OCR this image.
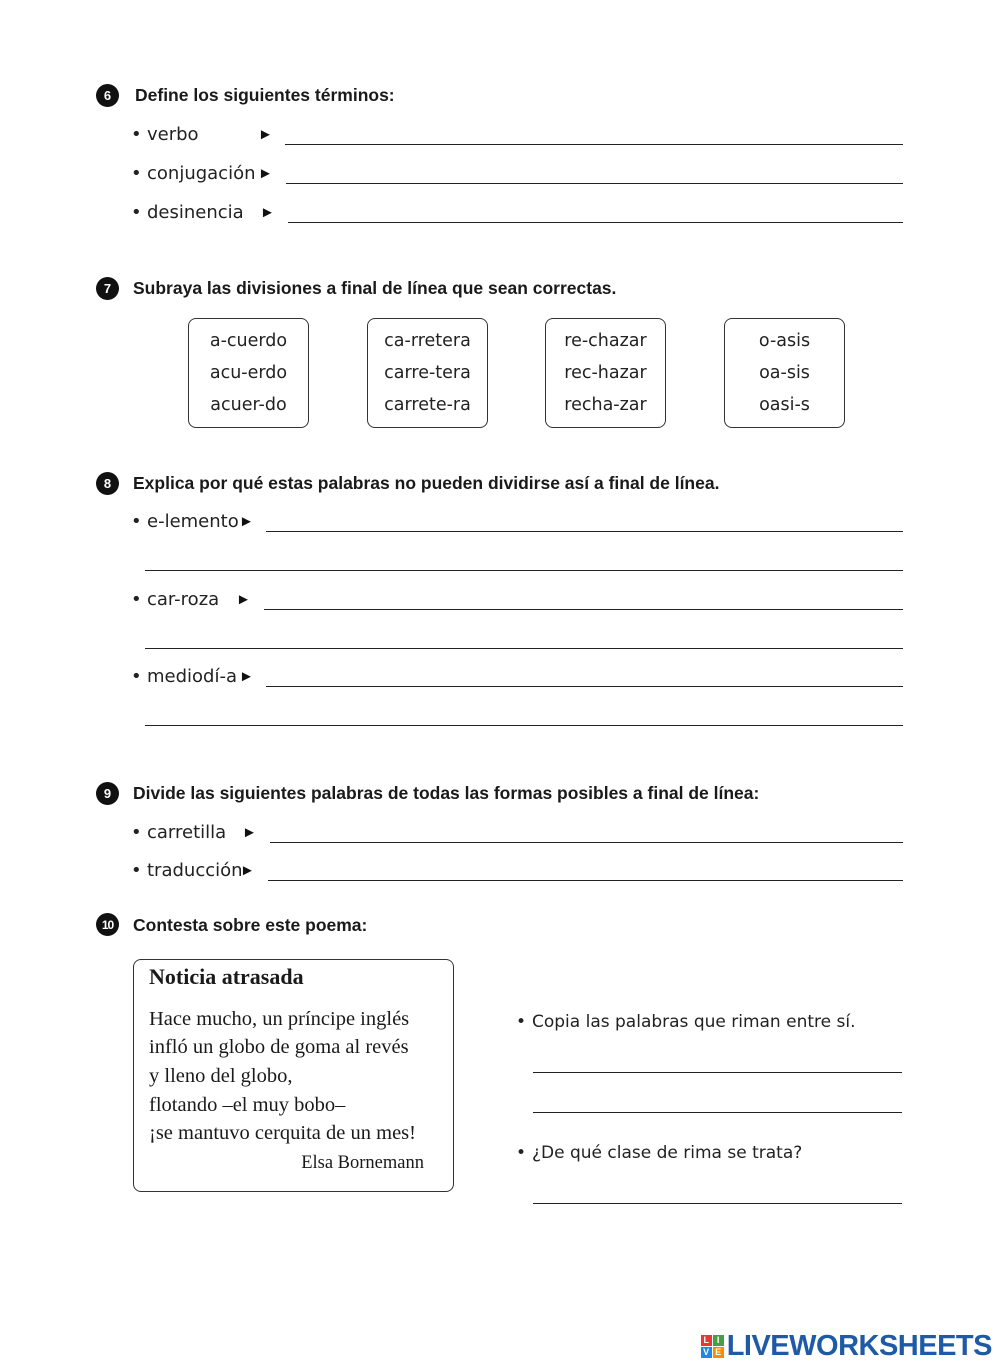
6	Define los siguientes términos:
• verbo	►
• conjugación ►
• desinencia ►
7	Subraya las divisiones a final de línea que sean correctas.
a-cuerdo
acu-erdo
acuer-do
ca-rretera
carre-tera
carrete-ra
re-chazar
rec-hazar
recha-zar
o-asis
oa-sis
oasi-s
8	Explica por qué estas palabras no pueden dividirse así a final de línea.
• e-lemento ►
• car-roza ►
• mediodí-a ►
9	Divide las siguientes palabras de todas las formas posibles a final de línea:
• carretilla ►
• traducción
►
10	Contesta sobre este poema:
Noticia atrasada
Hace mucho, un príncipe inglés
infló un globo de goma al revés
y lleno del globo,
flotando –el muy bobo–
¡se mantuvo cerquita de un mes!
Elsa Bornemann
• Copia las palabras que riman entre sí.
• ¿De qué clase de rima se trata?
L I
V E LIVEWORKSHEETS
